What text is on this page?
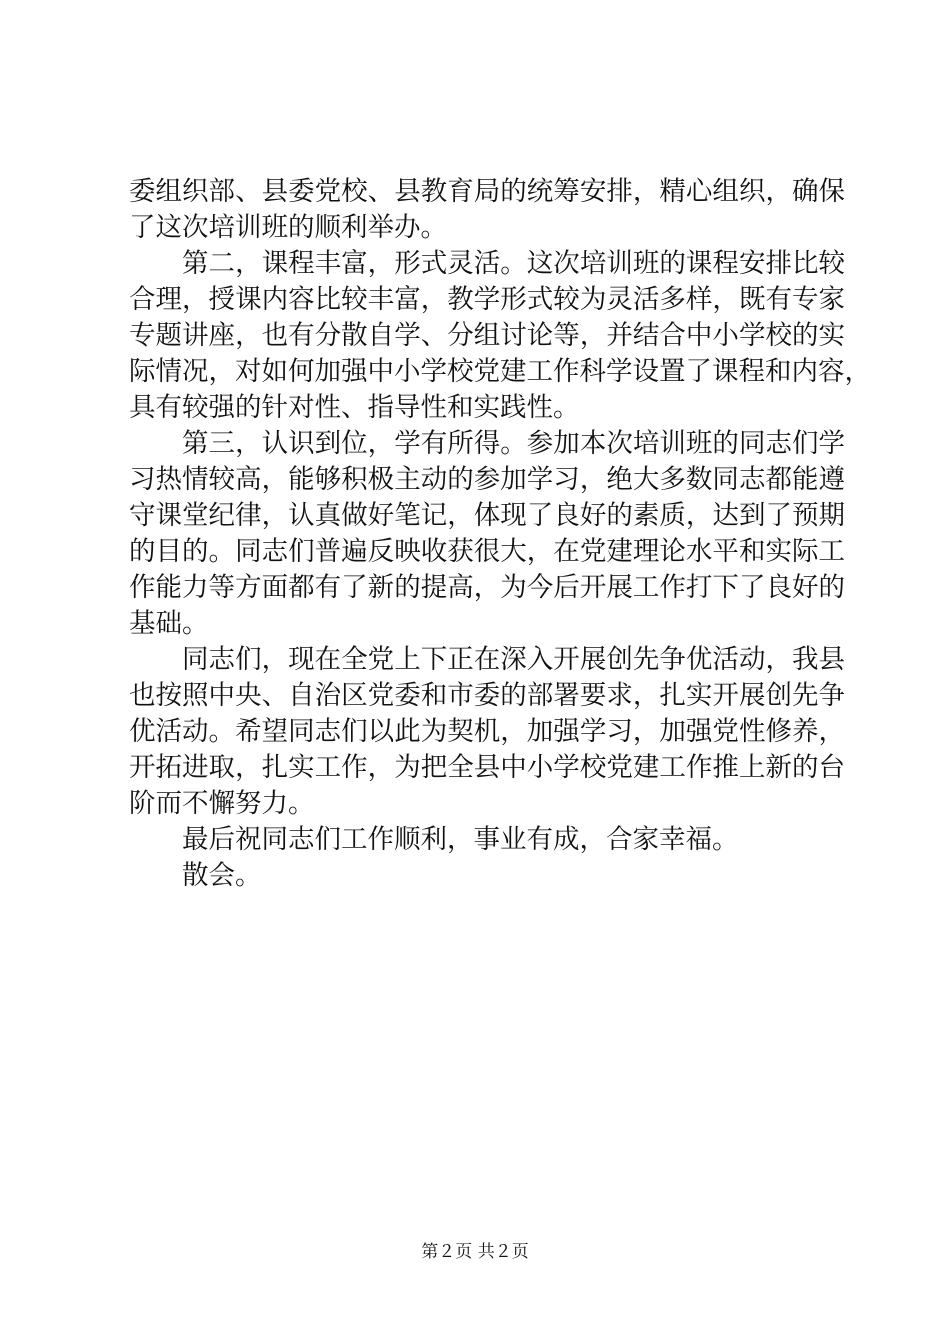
委组织部、县委党校、县教育局的统筹安排，精心组织，确保
了这次培训班的顺利举办。
　　第二，课程丰富，形式灵活。这次培训班的课程安排比较
合理，授课内容比较丰富，教学形式较为灵活多样，既有专家
专题讲座，也有分散自学、分组讨论等，并结合中小学校的实
际情况，对如何加强中小学校党建工作科学设置了课程和内容，
具有较强的针对性、指导性和实践性。
　　第三，认识到位，学有所得。参加本次培训班的同志们学
习热情较高，能够积极主动的参加学习，绝大多数同志都能遵
守课堂纪律，认真做好笔记，体现了良好的素质，达到了预期
的目的。同志们普遍反映收获很大，在党建理论水平和实际工
作能力等方面都有了新的提高，为今后开展工作打下了良好的
基础。
　　同志们，现在全党上下正在深入开展创先争优活动，我县
也按照中央、自治区党委和市委的部署要求，扎实开展创先争
优活动。希望同志们以此为契机，加强学习，加强党性修养，
开拓进取，扎实工作，为把全县中小学校党建工作推上新的台
阶而不懈努力。
　　最后祝同志们工作顺利，事业有成，合家幸福。
　　散会。
第２页 共２页
